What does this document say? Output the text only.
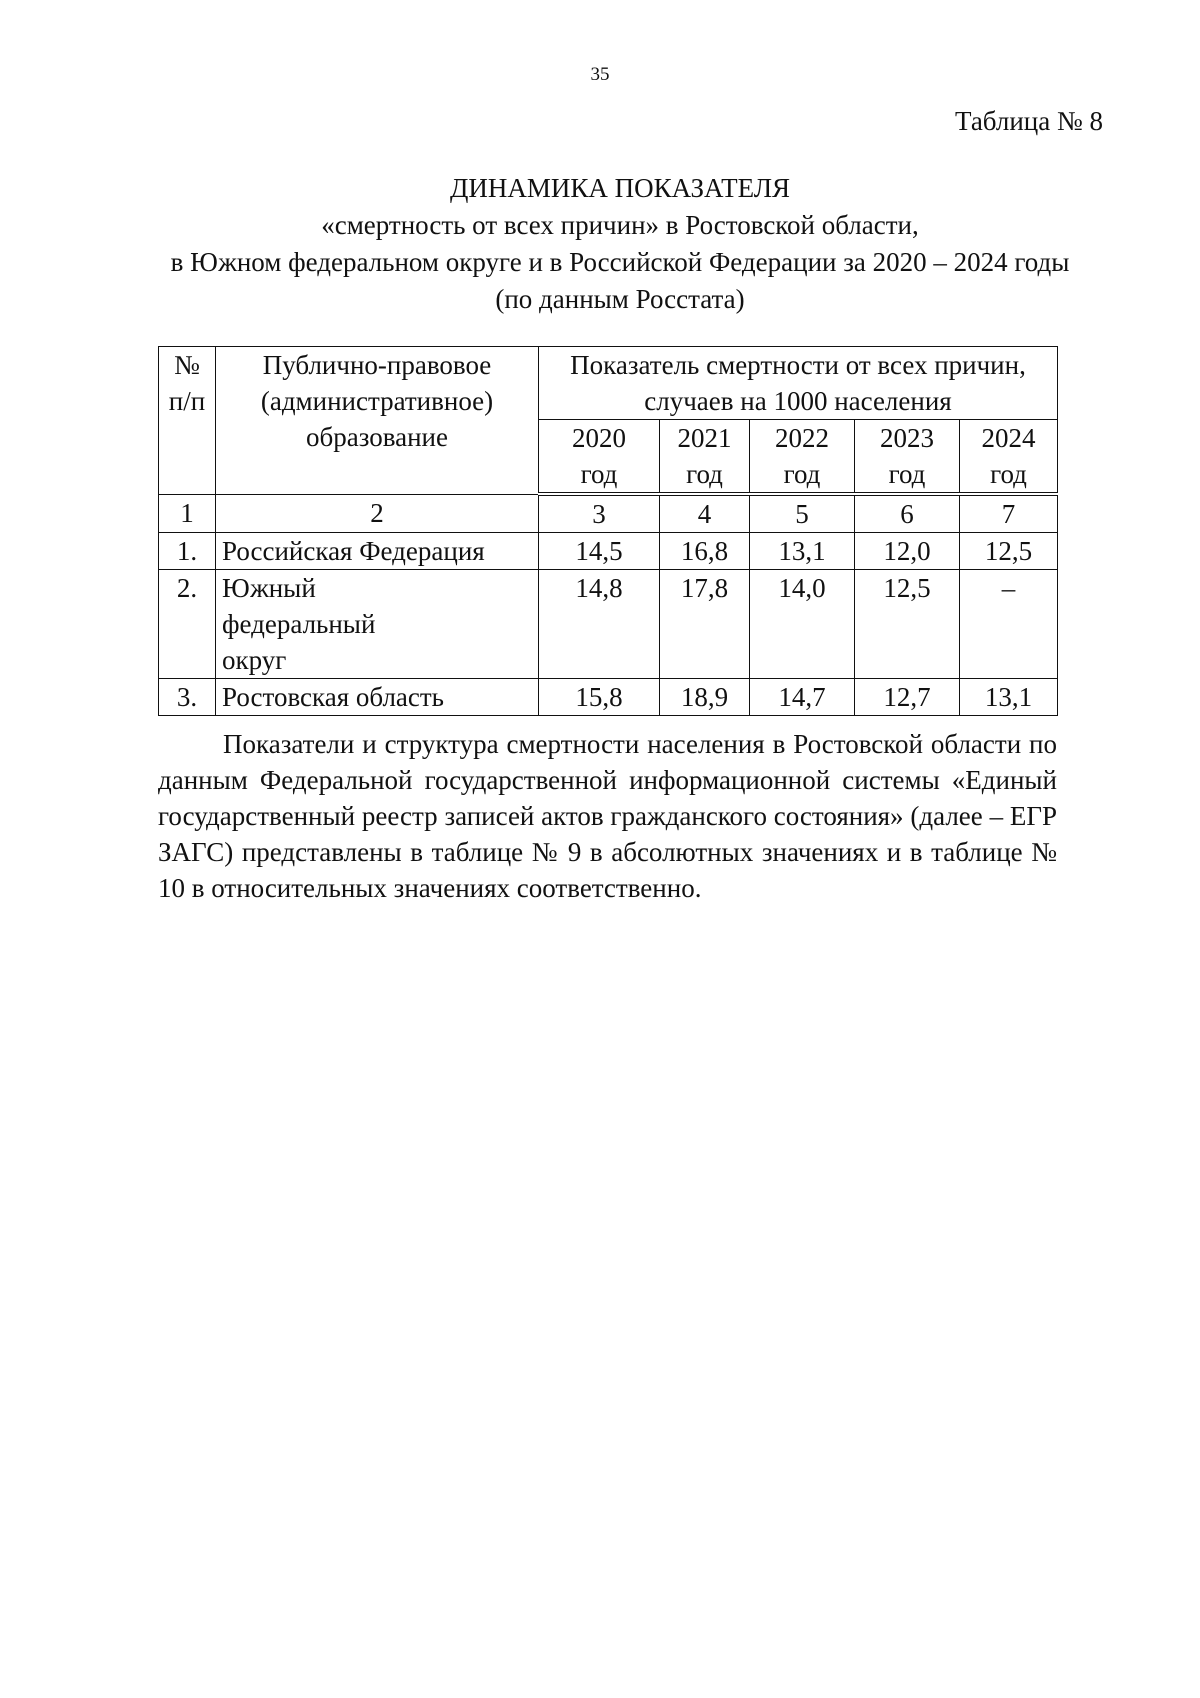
35
Таблица № 8
ДИНАМИКА ПОКАЗАТЕЛЯ
«смертность от всех причин» в Ростовской области,
в Южном федеральном округе и в Российской Федерации за 2020 – 2024 годы
(по данным Росстата)
№ п/п	Публично-правовое (административное) образование	Показатель смертности от всех причин, случаев на 1000 населения				
		2020 год	2021 год	2022 год	2023 год	2024 год
1	2	3	4	5	6	7
1.	Российская Федерация	14,5	16,8	13,1	12,0	12,5
2.	Южный федеральный округ	14,8	17,8	14,0	12,5	–
3.	Ростовская область	15,8	18,9	14,7	12,7	13,1
Показатели и структура смертности населения в Ростовской области по данным Федеральной государственной информационной системы «Единый государственный реестр записей актов гражданского состояния» (далее – ЕГР ЗАГС) представлены в таблице № 9 в абсолютных значениях и в таблице № 10 в относительных значениях соответственно.
